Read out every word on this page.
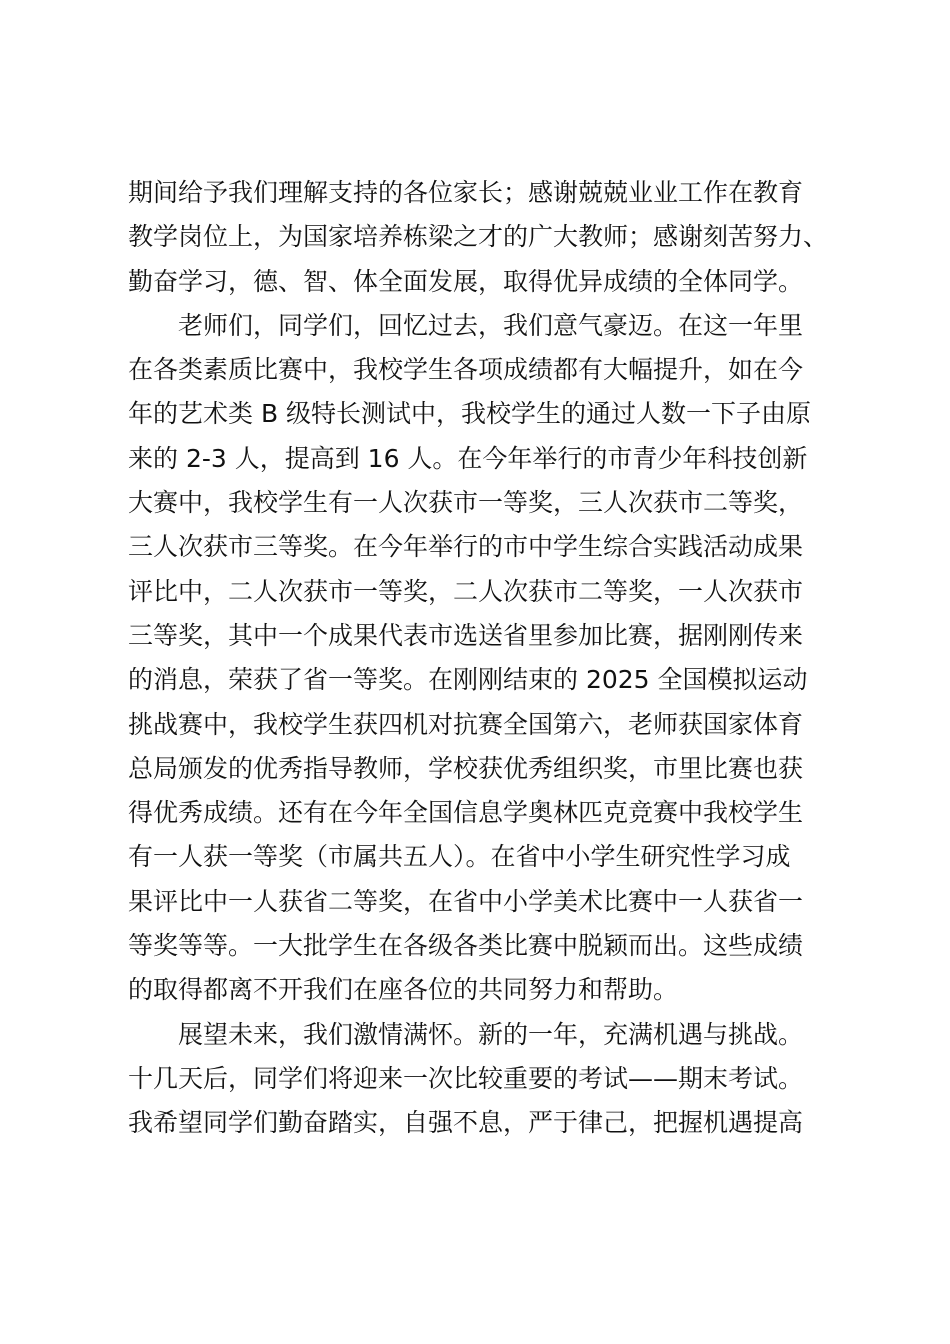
期间给予我们理解支持的各位家长；感谢兢兢业业工作在教育
教学岗位上，为国家培养栋梁之才的广大教师；感谢刻苦努力、
勤奋学习，德、智、体全面发展，取得优异成绩的全体同学。
老师们，同学们，回忆过去，我们意气豪迈。在这一年里
在各类素质比赛中，我校学生各项成绩都有大幅提升，如在今
年的艺术类 B 级特长测试中，我校学生的通过人数一下子由原
来的 2-3 人，提高到 16 人。在今年举行的市青少年科技创新
大赛中，我校学生有一人次获市一等奖，三人次获市二等奖，
三人次获市三等奖。在今年举行的市中学生综合实践活动成果
评比中，二人次获市一等奖，二人次获市二等奖，一人次获市
三等奖，其中一个成果代表市选送省里参加比赛，据刚刚传来
的消息，荣获了省一等奖。在刚刚结束的 2025 全国模拟运动
挑战赛中，我校学生获四机对抗赛全国第六，老师获国家体育
总局颁发的优秀指导教师，学校获优秀组织奖，市里比赛也获
得优秀成绩。还有在今年全国信息学奥林匹克竞赛中我校学生
有一人获一等奖（市属共五人）。在省中小学生研究性学习成
果评比中一人获省二等奖，在省中小学美术比赛中一人获省一
等奖等等。一大批学生在各级各类比赛中脱颖而出。这些成绩
的取得都离不开我们在座各位的共同努力和帮助。
展望未来，我们激情满怀。新的一年，充满机遇与挑战。
十几天后，同学们将迎来一次比较重要的考试——期末考试。
我希望同学们勤奋踏实，自强不息，严于律己，把握机遇提高
